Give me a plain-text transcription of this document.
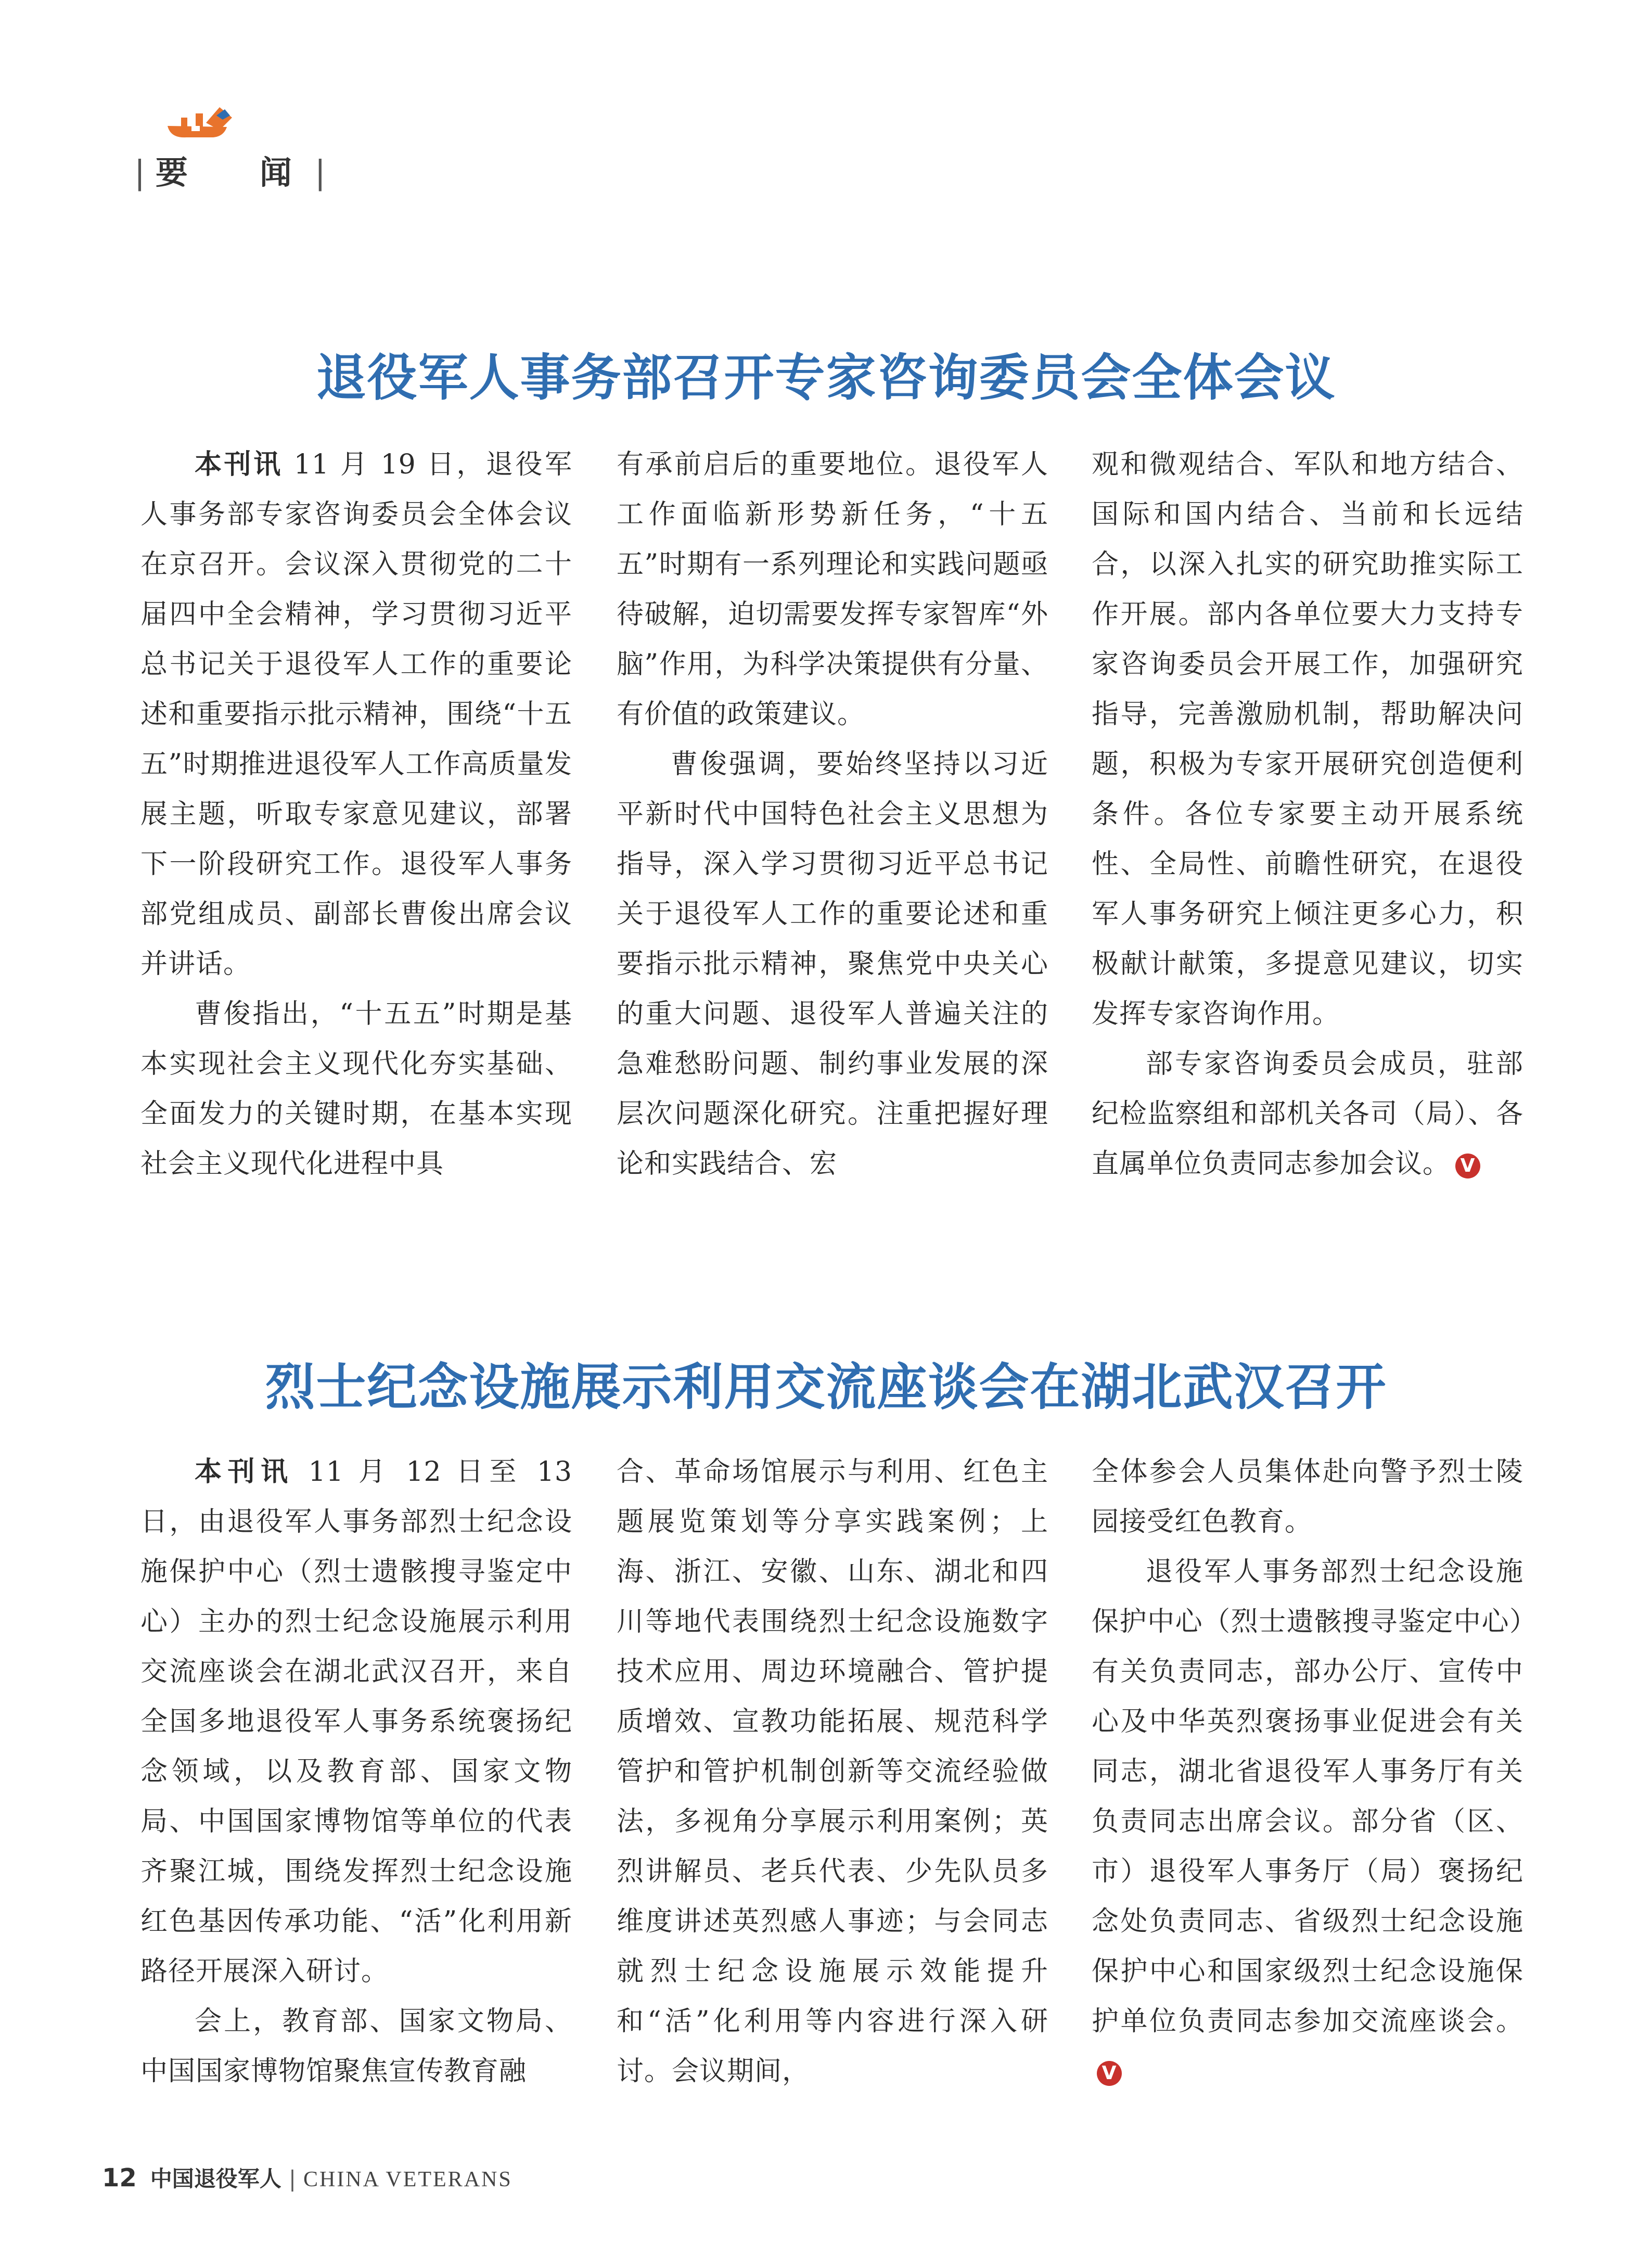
| 要　闻|
退役军人事务部召开专家咨询委员会全体会议
烈士纪念设施展示利用交流座谈会在湖北武汉召开

本刊讯 11 月 19 日，退役军人事务部专家咨询委员会全体会议在京召开。会议深入贯彻党的二十届四中全会精神，学习贯彻习近平总书记关于退役军人工作的重要论述和重要指示批示精神，围绕“十五五”时期推进退役军人工作高质量发展主题，听取专家意见建议，部署下一阶段研究工作。退役军人事务部党组成员、副部长曹俊出席会议并讲话。

曹俊指出，“十五五”时期是基本实现社会主义现代化夯实基础、全面发力的关键时期，在基本实现社会主义现代化进程中具

有承前启后的重要地位。退役军人工作面临新形势新任务，“十五五”时期有一系列理论和实践问题亟待破解，迫切需要发挥专家智库“外脑”作用，为科学决策提供有分量、有价值的政策建议。

曹俊强调，要始终坚持以习近平新时代中国特色社会主义思想为指导，深入学习贯彻习近平总书记关于退役军人工作的重要论述和重要指示批示精神，聚焦党中央关心的重大问题、退役军人普遍关注的急难愁盼问题、制约事业发展的深层次问题深化研究。注重把握好理论和实践结合、宏

观和微观结合、军队和地方结合、国际和国内结合、当前和长远结合，以深入扎实的研究助推实际工作开展。部内各单位要大力支持专家咨询委员会开展工作，加强研究指导，完善激励机制，帮助解决问题，积极为专家开展研究创造便利条件。各位专家要主动开展系统性、全局性、前瞻性研究，在退役军人事务研究上倾注更多心力，积极献计献策，多提意见建议，切实发挥专家咨询作用。

部专家咨询委员会成员，驻部纪检监察组和部机关各司（局）、各直属单位负责同志参加会议。 V

本刊讯 11 月 12 日至 13 日，由退役军人事务部烈士纪念设施保护中心（烈士遗骸搜寻鉴定中心）主办的烈士纪念设施展示利用交流座谈会在湖北武汉召开，来自全国多地退役军人事务系统褒扬纪念领域，以及教育部、国家文物局、中国国家博物馆等单位的代表齐聚江城，围绕发挥烈士纪念设施红色基因传承功能、“活”化利用新路径开展深入研讨。

会上，教育部、国家文物局、中国国家博物馆聚焦宣传教育融

合、革命场馆展示与利用、红色主题展览策划等分享实践案例；上海、浙江、安徽、山东、湖北和四川等地代表围绕烈士纪念设施数字技术应用、周边环境融合、管护提质增效、宣教功能拓展、规范科学管护和管护机制创新等交流经验做法，多视角分享展示利用案例；英烈讲解员、老兵代表、少先队员多维度讲述英烈感人事迹；与会同志就烈士纪念设施展示效能提升和“活”化利用等内容进行深入研讨。会议期间，

全体参会人员集体赴向警予烈士陵园接受红色教育。

退役军人事务部烈士纪念设施保护中心（烈士遗骸搜寻鉴定中心）有关负责同志，部办公厅、宣传中心及中华英烈褒扬事业促进会有关同志，湖北省退役军人事务厅有关负责同志出席会议。部分省（区、市）退役军人事务厅（局）褒扬纪念处负责同志、省级烈士纪念设施保护中心和国家级烈士纪念设施保护单位负责同志参加交流座谈会。V

12 中国退役军人 | CHINA VETERANS
